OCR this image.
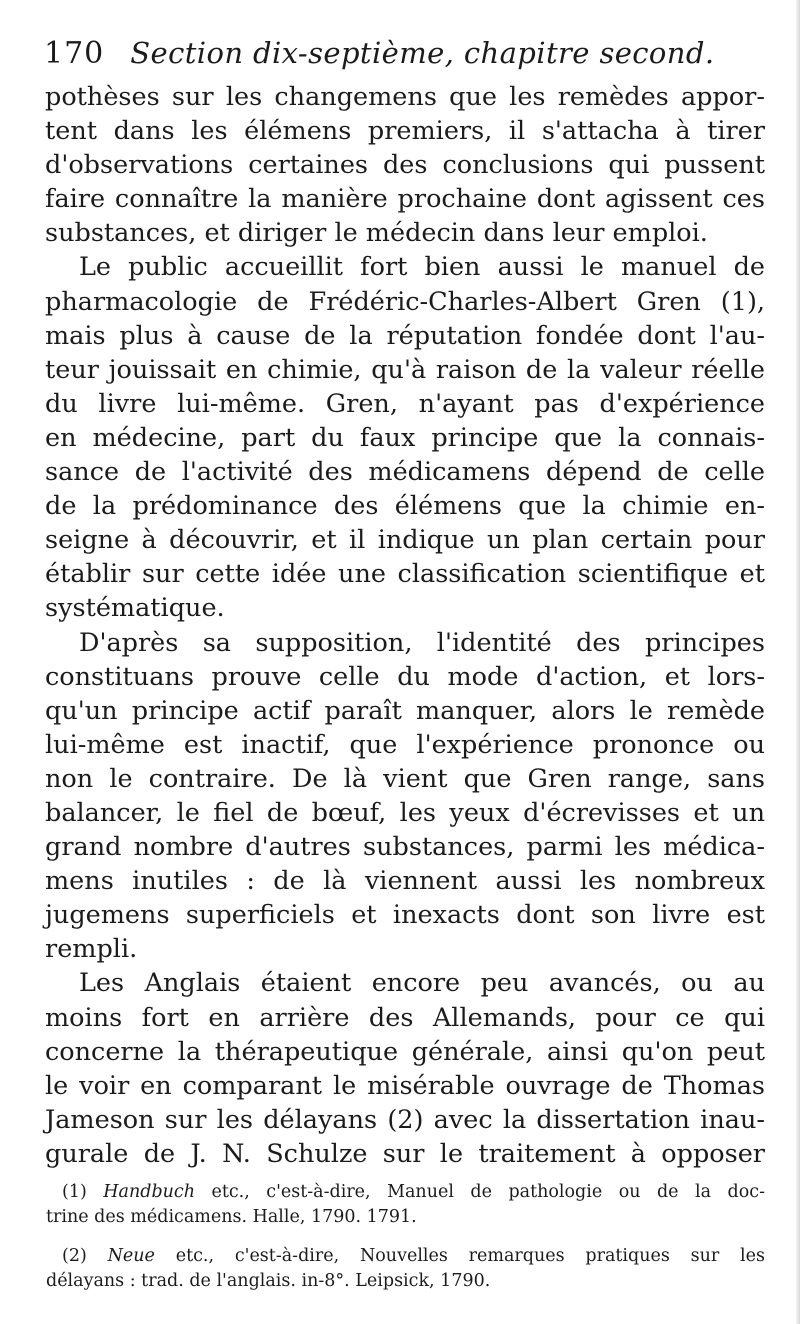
170 Section dix-septième, chapitre second.
pothèses sur les changemens que les remèdes appor-
tent dans les élémens premiers, il s'attacha à tirer
d'observations certaines des conclusions qui pussent
faire connaître la manière prochaine dont agissent ces
substances, et diriger le médecin dans leur emploi.
Le public accueillit fort bien aussi le manuel de
pharmacologie de Frédéric-Charles-Albert Gren (1),
mais plus à cause de la réputation fondée dont l'au-
teur jouissait en chimie, qu'à raison de la valeur réelle
du livre lui-même. Gren, n'ayant pas d'expérience
en médecine, part du faux principe que la connais-
sance de l'activité des médicamens dépend de celle
de la prédominance des élémens que la chimie en-
seigne à découvrir, et il indique un plan certain pour
établir sur cette idée une classification scientifique et
systématique.
D'après sa supposition, l'identité des principes
constituans prouve celle du mode d'action, et lors-
qu'un principe actif paraît manquer, alors le remède
lui-même est inactif, que l'expérience prononce ou
non le contraire. De là vient que Gren range, sans
balancer, le fiel de bœuf, les yeux d'écrevisses et un
grand nombre d'autres substances, parmi les médica-
mens inutiles : de là viennent aussi les nombreux
jugemens superficiels et inexacts dont son livre est
rempli.
Les Anglais étaient encore peu avancés, ou au
moins fort en arrière des Allemands, pour ce qui
concerne la thérapeutique générale, ainsi qu'on peut
le voir en comparant le misérable ouvrage de Thomas
Jameson sur les délayans (2) avec la dissertation inau-
gurale de J. N. Schulze sur le traitement à opposer
(1) Handbuch etc., c'est-à-dire, Manuel de pathologie ou de la doc-
trine des médicamens. Halle, 1790. 1791.
(2) Neue etc., c'est-à-dire, Nouvelles remarques pratiques sur les
délayans : trad. de l'anglais. in-8°. Leipsick, 1790.
